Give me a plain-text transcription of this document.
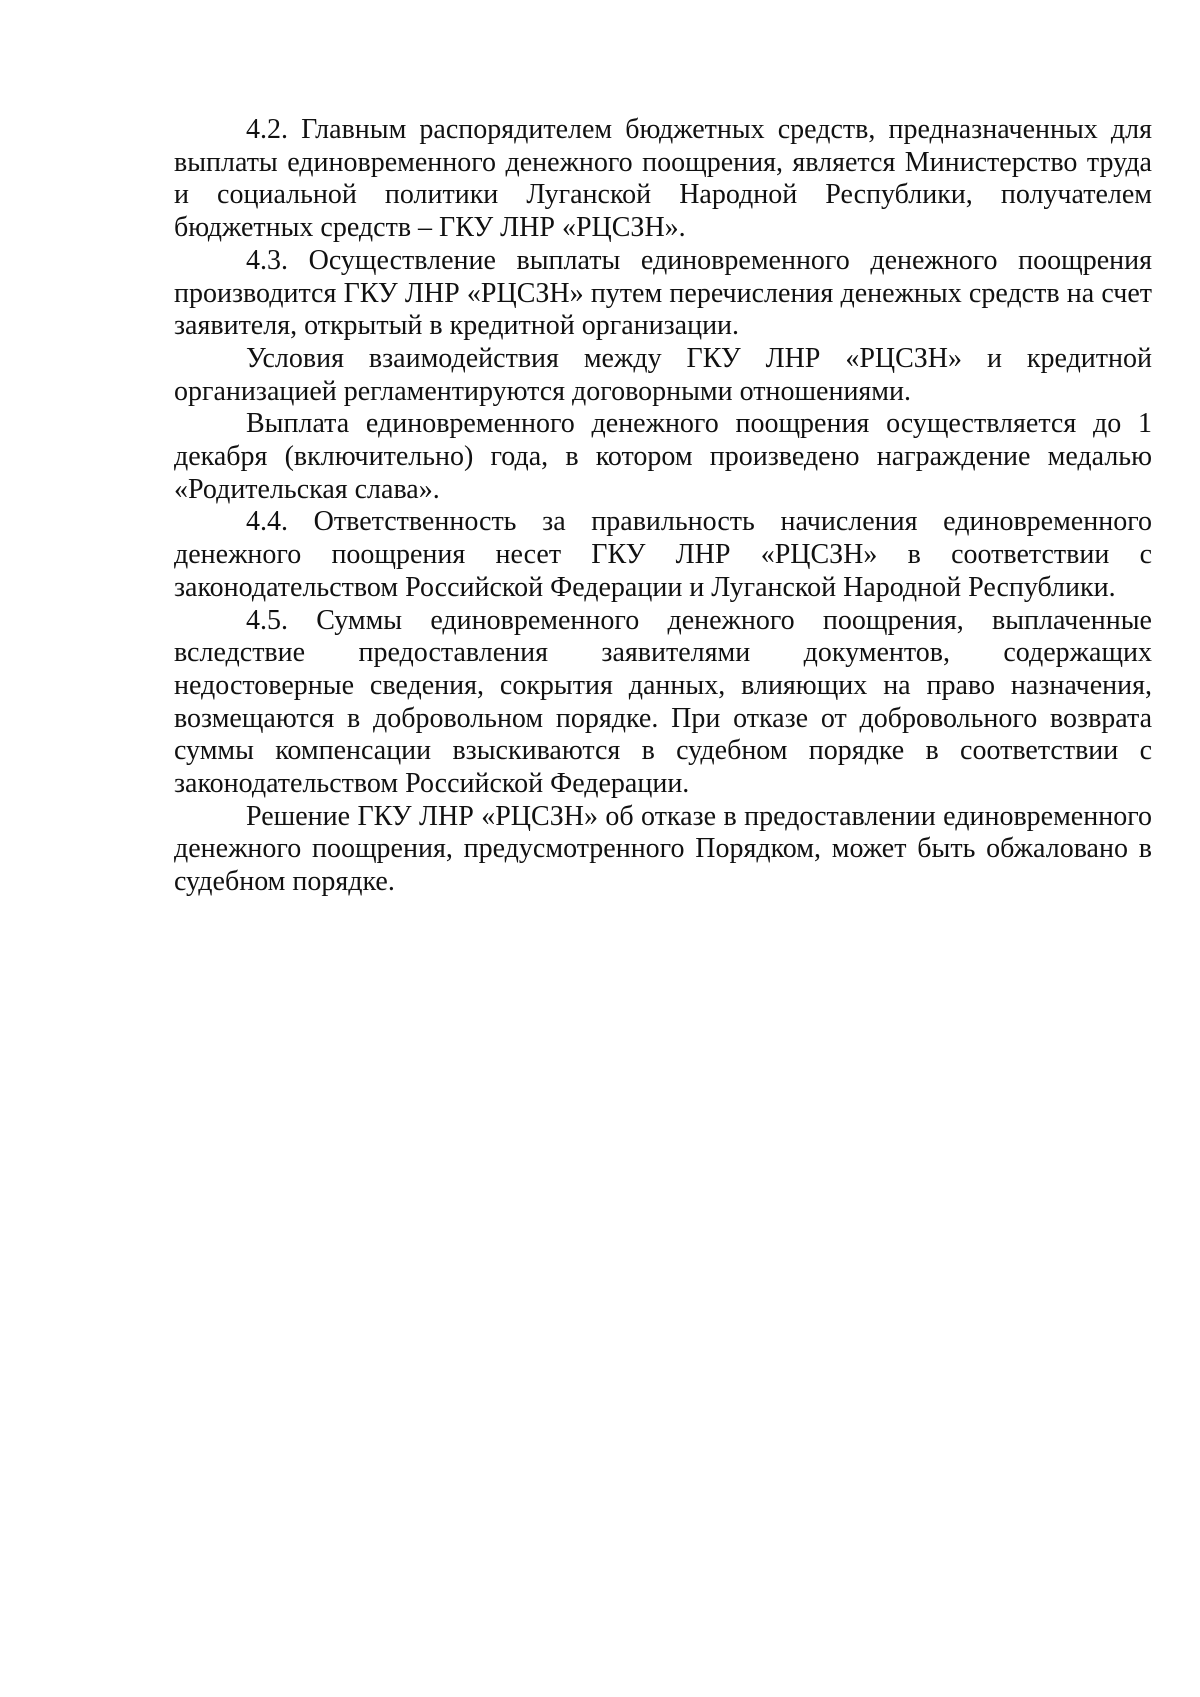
4.2. Главным распорядителем бюджетных средств, предназначенных для выплаты единовременного денежного поощрения, является Министерство труда и социальной политики Луганской Народной Республики, получателем бюджетных средств – ГКУ ЛНР «РЦСЗН».

4.3. Осуществление выплаты единовременного денежного поощрения производится ГКУ ЛНР «РЦСЗН» путем перечисления денежных средств на счет заявителя, открытый в кредитной организации.

Условия взаимодействия между ГКУ ЛНР «РЦСЗН» и кредитной организацией регламентируются договорными отношениями.

Выплата единовременного денежного поощрения осуществляется до 1 декабря (включительно) года, в котором произведено награждение медалью «Родительская слава».

4.4. Ответственность за правильность начисления единовременного денежного поощрения несет ГКУ ЛНР «РЦСЗН» в соответствии с законодательством Российской Федерации и Луганской Народной Республики.

4.5. Суммы единовременного денежного поощрения, выплаченные вследствие предоставления заявителями документов, содержащих недостоверные сведения, сокрытия данных, влияющих на право назначения, возмещаются в добровольном порядке. При отказе от добровольного возврата суммы компенсации взыскиваются в судебном порядке в соответствии с законодательством Российской Федерации.

Решение ГКУ ЛНР «РЦСЗН» об отказе в предоставлении единовременного денежного поощрения, предусмотренного Порядком, может быть обжаловано в судебном порядке.
